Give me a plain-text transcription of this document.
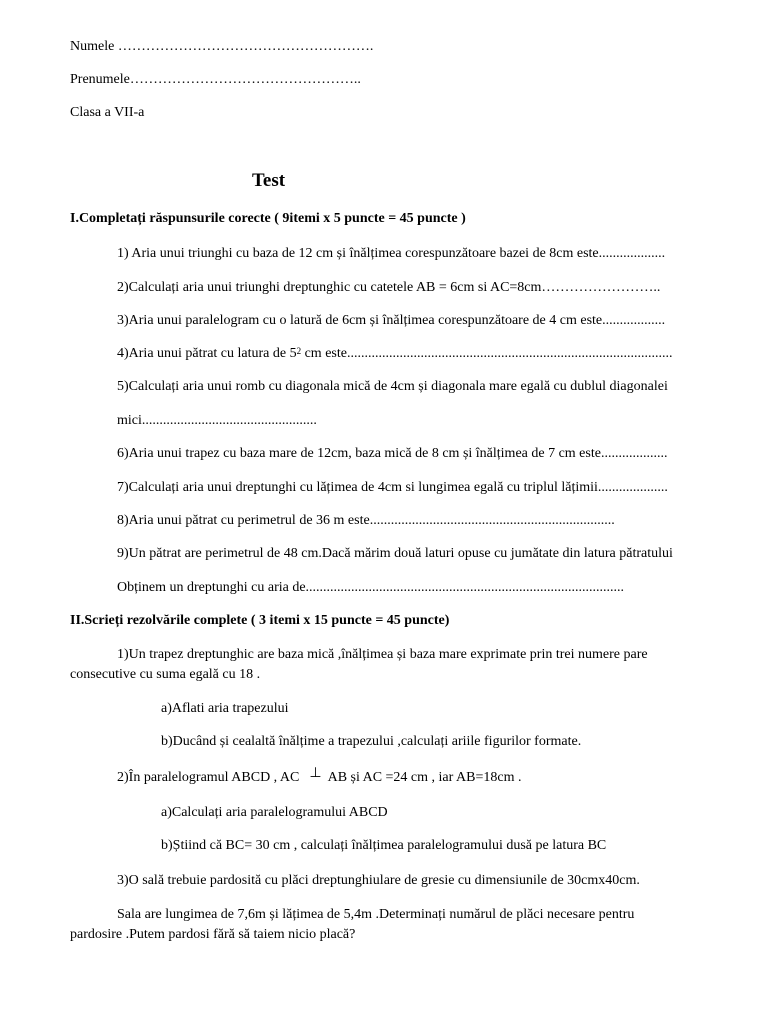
Numele ……………………………………………….
Prenumele…………………………………………..
Clasa a VII-a
Test
I.Completați răspunsurile corecte ( 9itemi x 5 puncte = 45 puncte )
1) Aria unui triunghi cu baza de 12 cm și înălțimea corespunzătoare bazei de 8cm este...................
2)Calculați aria unui triunghi dreptunghic cu catetele AB = 6cm si AC=8cm……………………..
3)Aria unui paralelogram cu o latură de 6cm și înălțimea corespunzătoare de 4 cm este..................
4)Aria unui pătrat cu latura de $5^2$ cm este.............................................................................................
5)Calculați aria unui romb cu diagonala mică de 4cm și diagonala mare egală cu dublul diagonalei
mici..................................................
6)Aria unui trapez cu baza mare de 12cm, baza mică de 8 cm și înălțimea de 7 cm este...................
7)Calculați aria unui dreptunghi cu lățimea de 4cm si lungimea egală cu triplul lățimii....................
8)Aria unui pătrat cu perimetrul de 36 m este......................................................................
9)Un pătrat are perimetrul de 48 cm.Dacă mărim două laturi opuse cu jumătate din latura pătratului
Obținem un dreptunghi cu aria de...........................................................................................
II.Scrieți rezolvările complete ( 3 itemi x 15 puncte = 45 puncte)
1)Un trapez dreptunghic are baza mică ,înălțimea și baza mare exprimate prin trei numere pare
consecutive cu suma egală cu 18 .
a)Aflati aria trapezului
b)Ducând și cealaltă înălțime a trapezului ,calculați ariile figurilor formate.
2)În paralelogramul ABCD , AC ⊥ AB și AC =24 cm , iar AB=18cm .
a)Calculați aria paralelogramului ABCD
b)Știind că BC= 30 cm , calculați înălțimea paralelogramului dusă pe latura BC
3)O sală trebuie pardosită cu plăci dreptunghiulare de gresie cu dimensiunile de 30cmx40cm.
Sala are lungimea de 7,6m și lățimea de 5,4m .Determinați numărul de plăci necesare pentru
pardosire .Putem pardosi fără să taiem nicio placă?
